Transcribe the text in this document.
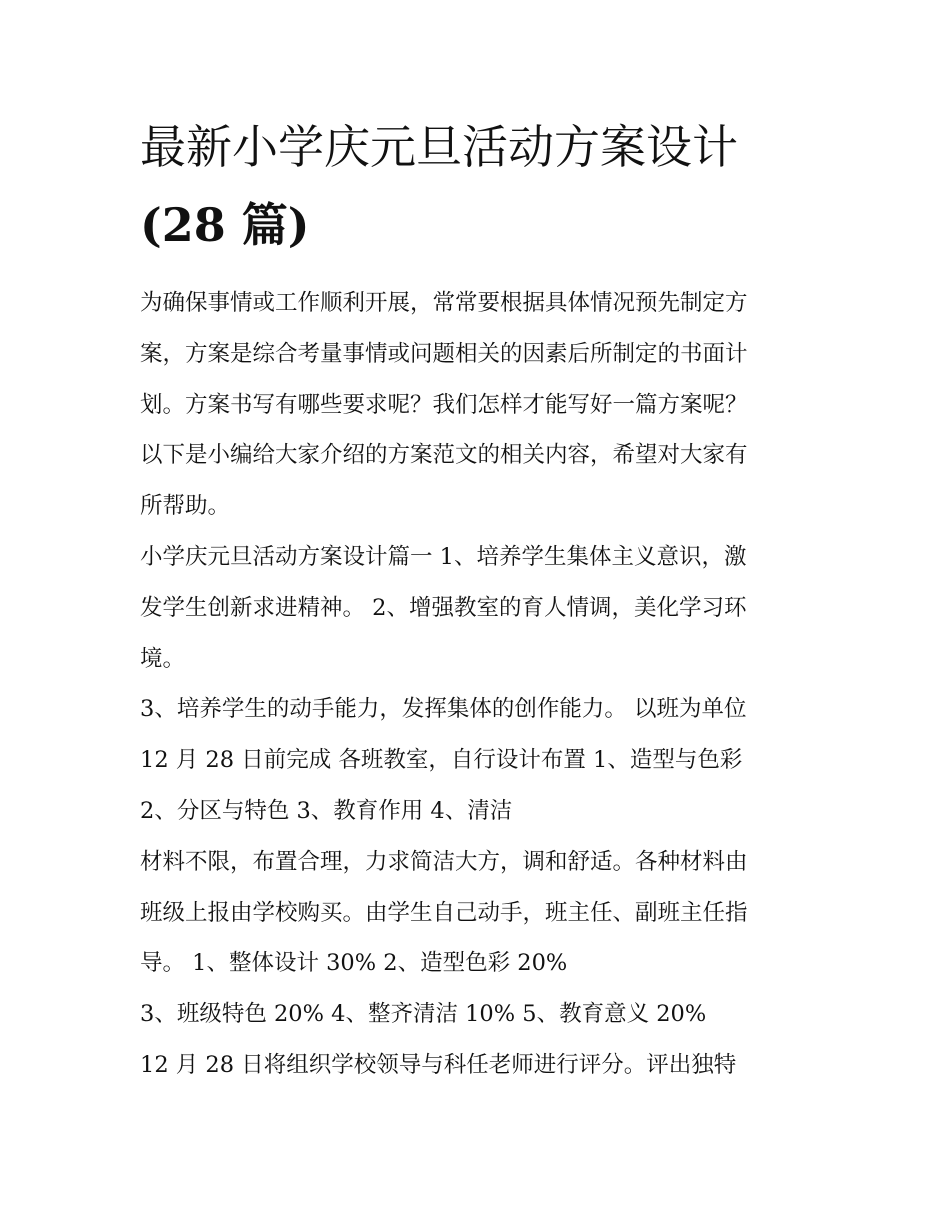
最新小学庆元旦活动方案设计
(28 篇)
为确保事情或工作顺利开展，常常要根据具体情况预先制定方
案，方案是综合考量事情或问题相关的因素后所制定的书面计
划。方案书写有哪些要求呢？我们怎样才能写好一篇方案呢？
以下是小编给大家介绍的方案范文的相关内容，希望对大家有
所帮助。
小学庆元旦活动方案设计篇一 1、培养学生集体主义意识，激
发学生创新求进精神。 2、增强教室的育人情调，美化学习环
境。
3、培养学生的动手能力，发挥集体的创作能力。 以班为单位
12 月 28 日前完成 各班教室，自行设计布置 1、造型与色彩
2、分区与特色 3、教育作用 4、清洁
材料不限，布置合理，力求简洁大方，调和舒适。各种材料由
班级上报由学校购买。由学生自己动手，班主任、副班主任指
导。 1、整体设计 30% 2、造型色彩 20%
3、班级特色 20% 4、整齐清洁 10% 5、教育意义 20%
12 月 28 日将组织学校领导与科任老师进行评分。评出独特
